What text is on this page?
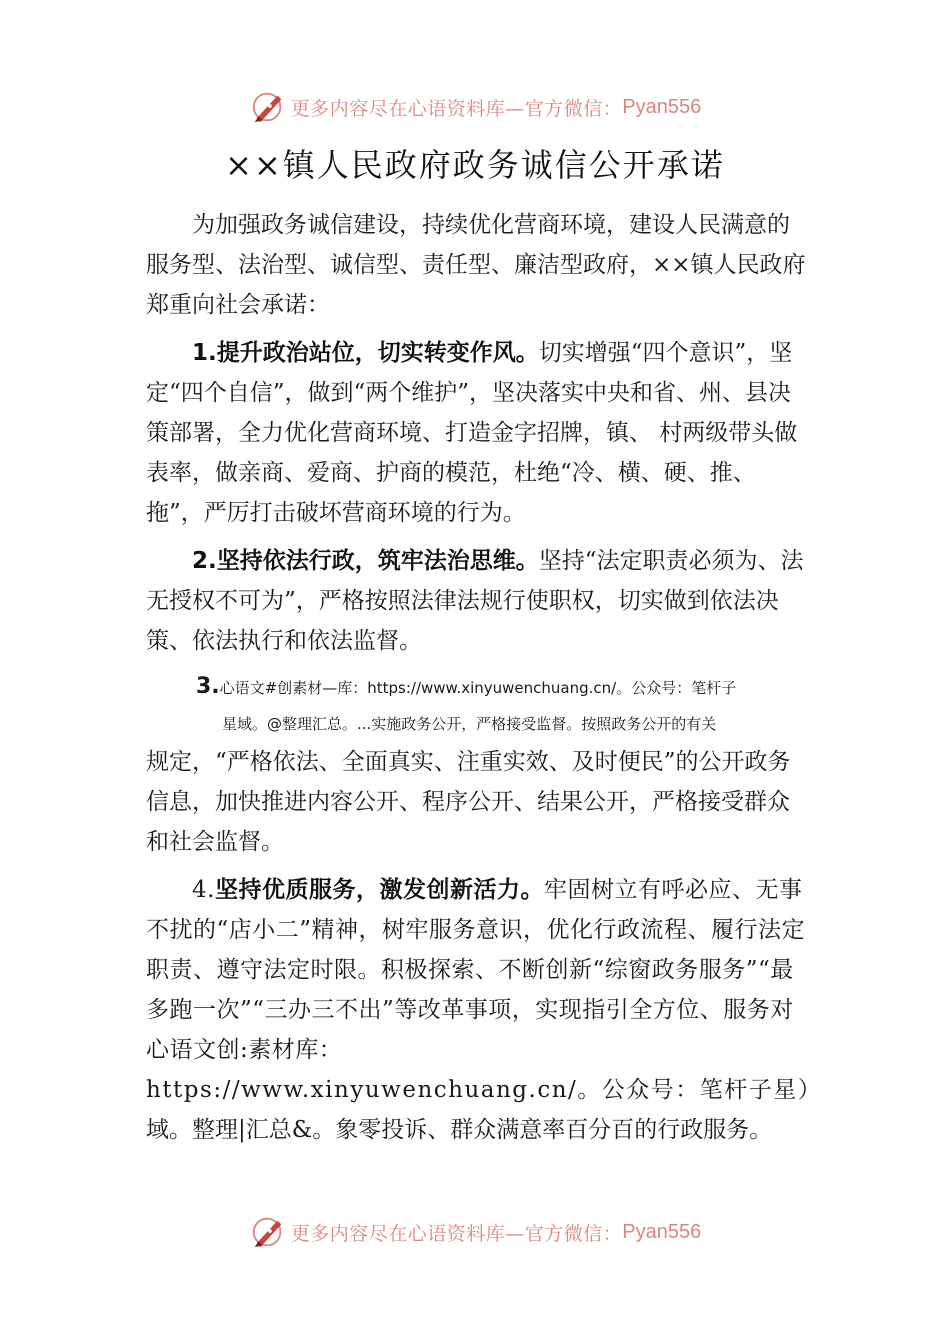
更多内容尽在心语资料库—官方微信： Pyan556
××镇人民政府政务诚信公开承诺

为加强政务诚信建设，持续优化营商环境，建设人民满意的服务型、法治型、诚信型、责任型、廉洁型政府，××镇人民政府郑重向社会承诺：

1.提升政治站位，切实转变作风。切实增强“四个意识”，坚定“四个自信”，做到“两个维护”，坚决落实中央和省、州、县决策部署，全力优化营商环境、打造金字招牌，镇、 村两级带头做表率，做亲商、爱商、护商的模范，杜绝“冷、横、硬、推、拖”，严厉打击破坏营商环境的行为。

2.坚持依法行政，筑牢法治思维。坚持“法定职责必须为、法无授权不可为”，严格按照法律法规行使职权，切实做到依法决策、依法执行和依法监督。

3.心语文#创素材—库：https://www.xinyuwenchuang.cn/。公众号：笔杆子

星域。@整理汇总。...实施政务公开，严格接受监督。按照政务公开的有关

规定，“严格依法、全面真实、注重实效、及时便民”的公开政务信息，加快推进内容公开、程序公开、结果公开，严格接受群众和社会监督。

4.坚持优质服务，激发创新活力。牢固树立有呼必应、无事不扰的“店小二”精神，树牢服务意识，优化行政流程、履行法定职责、遵守法定时限。积极探索、不断创新“综窗政务服务”“最多跑一次”“三办三不出”等改革事项，实现指引全方位、服务对心语文创:素材库：

https://www.xinyuwenchuang.cn/。公众号：笔杆子星）

域。整理|汇总&。象零投诉、群众满意率百分百的行政服务。

更多内容尽在心语资料库—官方微信： Pyan556
